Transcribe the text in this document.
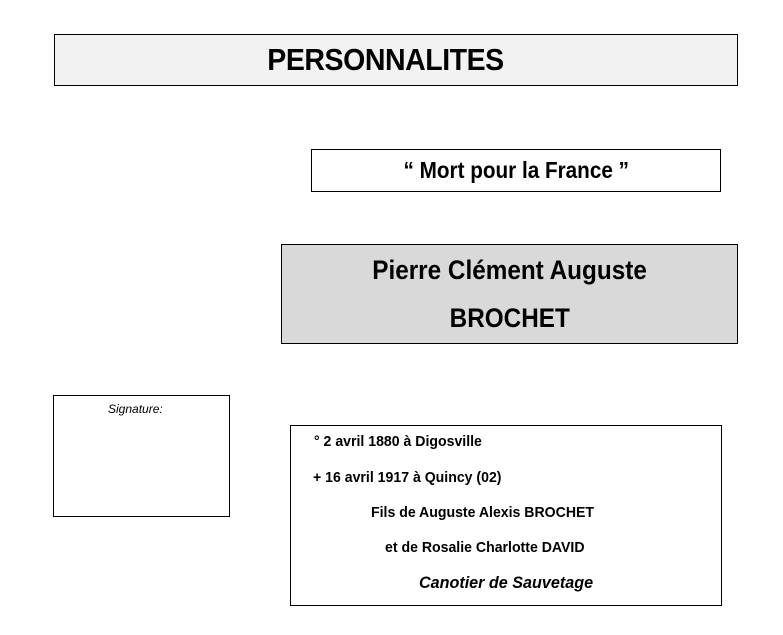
PERSONNALITES
“ Mort pour la France ”
Pierre Clément Auguste
BROCHET
Signature:
° 2 avril 1880 à Digosville
+ 16 avril 1917 à Quincy (02)
Fils de Auguste Alexis BROCHET
et de Rosalie Charlotte DAVID
Canotier de Sauvetage
